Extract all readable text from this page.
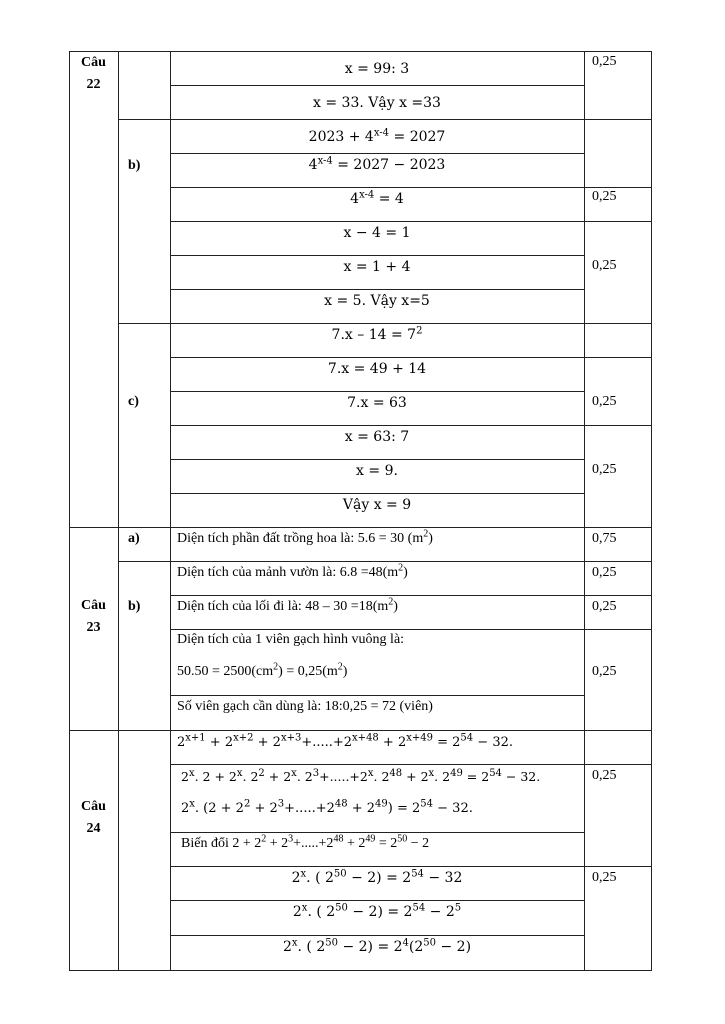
Câu
22
x = 99: 3
x = 33. Vậy x =33
0,25
b)
$2023 + 4^{x-4} = 2027$
$4^{x-4} = 2027 - 2023$
$4^{x-4} = 4$
x − 4 = 1
x = 1 + 4
x = 5. Vậy x=5
0,25
0,25
c)
$7.x - 14 = 7^2$
7.x = 49 + 14
7.x = 63
x = 63: 7
x = 9.
Vậy x = 9
0,25
0,25
Câu
23
a)	Diện tích phần đất trồng hoa là: 5.6 = 30 $(m^2)$	0,75
b)
Diện tích của mảnh vườn là: $6.8 =48(m^2)$
Diện tích của lối đi là: $48 - 30 =18(m^2)$
Diện tích của 1 viên gạch hình vuông là:
$50.50 = 2500(cm^2) = 0,25(m^2)$
Số viên gạch cần dùng là: 18:0,25 = 72 (viên)
0,25
0,25
0,25
Câu
24
$2^{x+1} + 2^{x+2} + 2^{x+3}+.....+2^{x+48} + 2^{x+49} = 2^{54} - 32$.
2$^x$. $2 + 2^x$. $2^2 + 2^x$. $2^3+.....+2^x$. $2^{48} + 2^x$. $2^{49} = 2^{54} - 32$.
2$^x$. $(2 + 2^2 + 2^3+.....+2^{48} + 2^{49}) = 2^{54} - 32$.
Biến đổi $2 + 2^2 + 2^3+.....+2^{48} + 2^{49} = 2^{50} - 2$
2$^x$. ( $2^{50} - 2) = 2^{54} - 32$
2$^x$. ( $2^{50} - 2) = 2^{54} - 2^5$
2$^x$. ( $2^{50} - 2) = 2^4(2^{50} - 2)$
0,25
0,25
